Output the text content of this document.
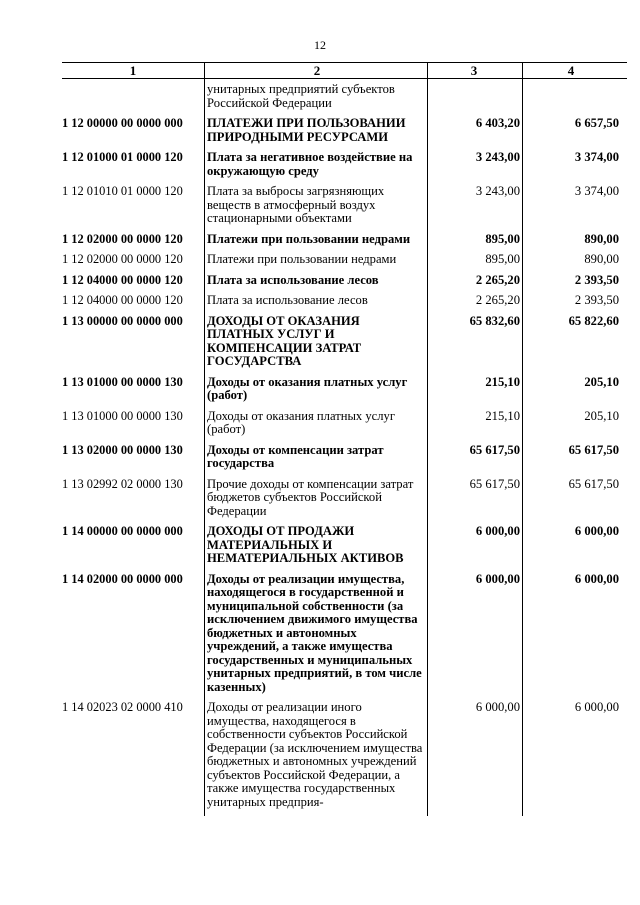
12
1	2	3	4
	унитарных предприятий субъектов Российской Федерации		
1 12 00000 00 0000 000	ПЛАТЕЖИ ПРИ ПОЛЬЗОВАНИИ ПРИРОДНЫМИ РЕСУРСАМИ	6 403,20	6 657,50
1 12 01000 01 0000 120	Плата за негативное воздействие на окружающую среду	3 243,00	3 374,00
1 12 01010 01 0000 120	Плата за выбросы загрязняющих веществ в атмосферный воздух стационарными объектами	3 243,00	3 374,00
1 12 02000 00 0000 120	Платежи при пользовании недрами	895,00	890,00
1 12 02000 00 0000 120	Платежи при пользовании недрами	895,00	890,00
1 12 04000 00 0000 120	Плата за использование лесов	2 265,20	2 393,50
1 12 04000 00 0000 120	Плата за использование лесов	2 265,20	2 393,50
1 13 00000 00 0000 000	ДОХОДЫ ОТ ОКАЗАНИЯ ПЛАТНЫХ УСЛУГ И КОМПЕНСАЦИИ ЗАТРАТ ГОСУДАРСТВА	65 832,60	65 822,60
1 13 01000 00 0000 130	Доходы от оказания платных услуг (работ)	215,10	205,10
1 13 01000 00 0000 130	Доходы от оказания платных услуг (работ)	215,10	205,10
1 13 02000 00 0000 130	Доходы от компенсации затрат государства	65 617,50	65 617,50
1 13 02992 02 0000 130	Прочие доходы от компенсации затрат бюджетов субъектов Российской Федерации	65 617,50	65 617,50
1 14 00000 00 0000 000	ДОХОДЫ ОТ ПРОДАЖИ МАТЕРИАЛЬНЫХ И НЕМАТЕРИАЛЬНЫХ АКТИВОВ	6 000,00	6 000,00
1 14 02000 00 0000 000	Доходы от реализации имущества, находящегося в государственной и муниципальной собственности (за исключением движимого имущества бюджетных и автономных учреждений, а также имущества государственных и муниципальных унитарных предприятий, в том числе казенных)	6 000,00	6 000,00
1 14 02023 02 0000 410	Доходы от реализации иного имущества, находящегося в собственности субъектов Российской Федерации (за исключением имущества бюджетных и автономных учреждений субъектов Российской Федерации, а также имущества государственных унитарных предприя-	6 000,00	6 000,00
